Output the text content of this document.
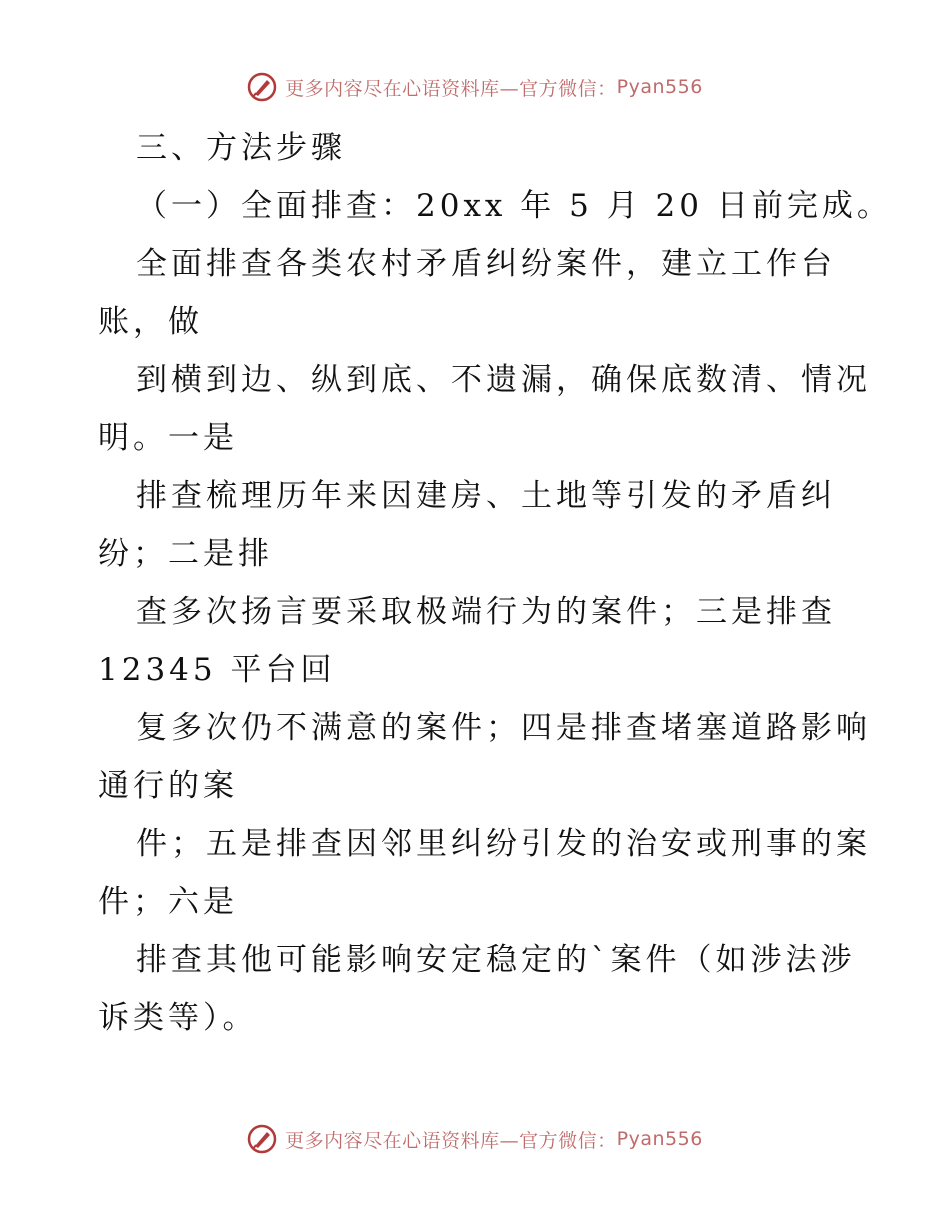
更多内容尽在心语资料库—官方微信： Pyan556
三、方法步骤
（一）全面排查：20xx 年 5 月 20 日前完成。
全面排查各类农村矛盾纠纷案件，建立工作台
账，做
到横到边、纵到底、不遗漏，确保底数清、情况
明。一是
排查梳理历年来因建房、土地等引发的矛盾纠
纷；二是排
查多次扬言要采取极端行为的案件；三是排查
12345 平台回
复多次仍不满意的案件；四是排查堵塞道路影响
通行的案
件；五是排查因邻里纠纷引发的治安或刑事的案
件；六是
排查其他可能影响安定稳定的`案件（如涉法涉
诉类等）。
更多内容尽在心语资料库—官方微信： Pyan556
